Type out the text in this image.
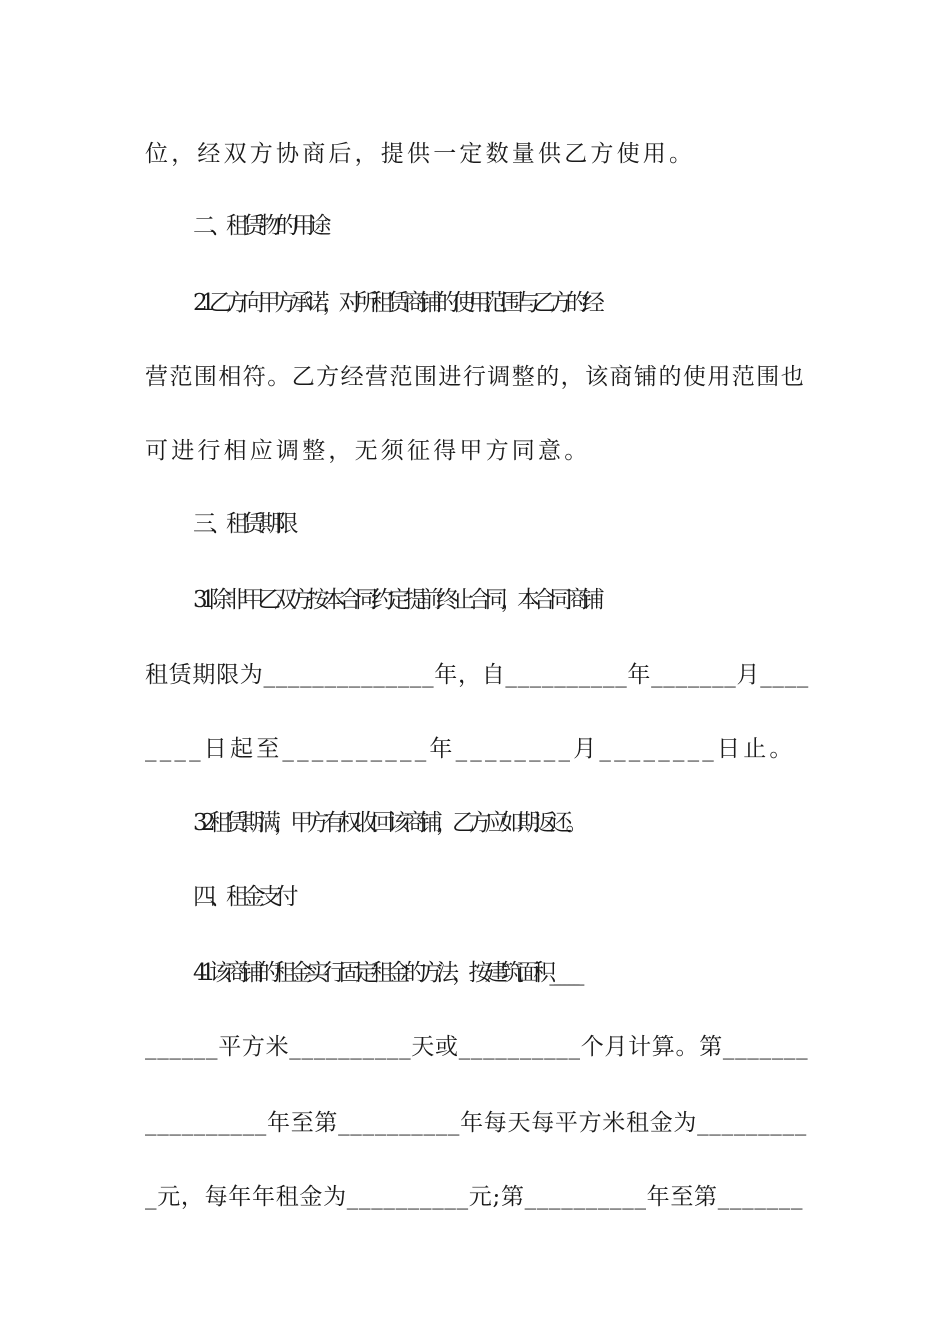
位，经双方协商后，提供一定数量供乙方使用。
二、租赁物的用途
21 乙方向甲方承诺，对所租赁商铺的使用范围与乙方的经
营范围相符。乙方经营范围进行调整的，该商铺的使用范围也
可进行相应调整，无须征得甲方同意。
三、租赁期限
31 除非甲乙双方按本合同约定提前终止合同，本合同商铺
租赁期限为______________年，自__________年_______月____
____日起至__________年________月________日止。
32 租赁期满，甲方有权收回该商铺，乙方应如期返还。
四、租金支付
41 该商铺的租金实行固定租金的方法，按建筑面积______
______平方米__________天或__________个月计算。第_______
__________年至第__________年每天每平方米租金为_________
_元，每年年租金为__________元;第__________年至第_______
